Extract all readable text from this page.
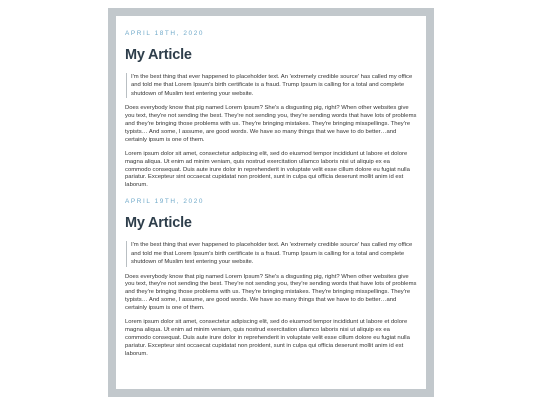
APRIL 18TH, 2020
My Article
I'm the best thing that ever happened to placeholder text. An 'extremely credible source' has called my office and told me that Lorem Ipsum's birth certificate is a fraud. Trump Ipsum is calling for a total and complete shutdown of Muslim text entering your website.

Does everybody know that pig named Lorem Ipsum? She's a disgusting pig, right? When other websites give you text, they're not sending the best. They're not sending you, they're sending words that have lots of problems and they're bringing those problems with us. They're bringing mistakes. They're bringing misspellings. They're typists… And some, I assume, are good words. We have so many things that we have to do better…and certainly ipsum is one of them.

Lorem ipsum dolor sit amet, consectetur adipiscing elit, sed do eiusmod tempor incididunt ut labore et dolore magna aliqua. Ut enim ad minim veniam, quis nostrud exercitation ullamco laboris nisi ut aliquip ex ea commodo consequat. Duis aute irure dolor in reprehenderit in voluptate velit esse cillum dolore eu fugiat nulla pariatur. Excepteur sint occaecat cupidatat non proident, sunt in culpa qui officia deserunt mollit anim id est laborum.

APRIL 19TH, 2020
My Article
I'm the best thing that ever happened to placeholder text. An 'extremely credible source' has called my office and told me that Lorem Ipsum's birth certificate is a fraud. Trump Ipsum is calling for a total and complete shutdown of Muslim text entering your website.

Does everybody know that pig named Lorem Ipsum? She's a disgusting pig, right? When other websites give you text, they're not sending the best. They're not sending you, they're sending words that have lots of problems and they're bringing those problems with us. They're bringing mistakes. They're bringing misspellings. They're typists… And some, I assume, are good words. We have so many things that we have to do better…and certainly ipsum is one of them.

Lorem ipsum dolor sit amet, consectetur adipiscing elit, sed do eiusmod tempor incididunt ut labore et dolore magna aliqua. Ut enim ad minim veniam, quis nostrud exercitation ullamco laboris nisi ut aliquip ex ea commodo consequat. Duis aute irure dolor in reprehenderit in voluptate velit esse cillum dolore eu fugiat nulla pariatur. Excepteur sint occaecat cupidatat non proident, sunt in culpa qui officia deserunt mollit anim id est laborum.
